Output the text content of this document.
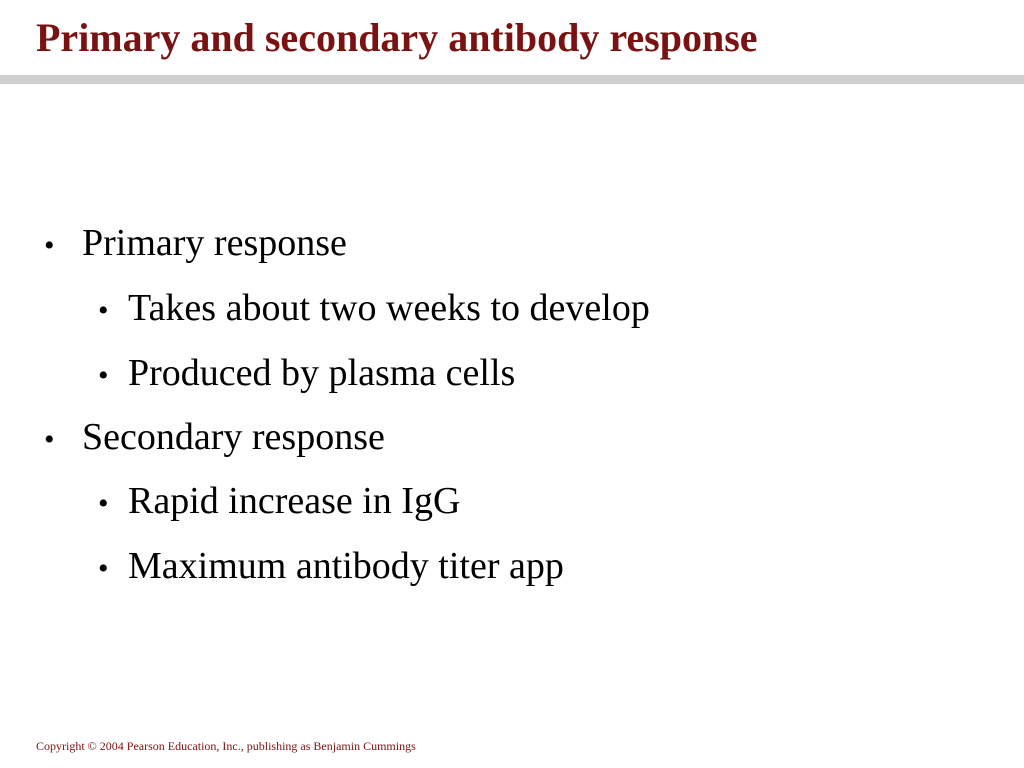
Primary and secondary antibody response
• Primary response
• Takes about two weeks to develop
• Produced by plasma cells
• Secondary response
• Rapid increase in IgG
• Maximum antibody titer app
Copyright © 2004 Pearson Education, Inc., publishing as Benjamin Cummings
